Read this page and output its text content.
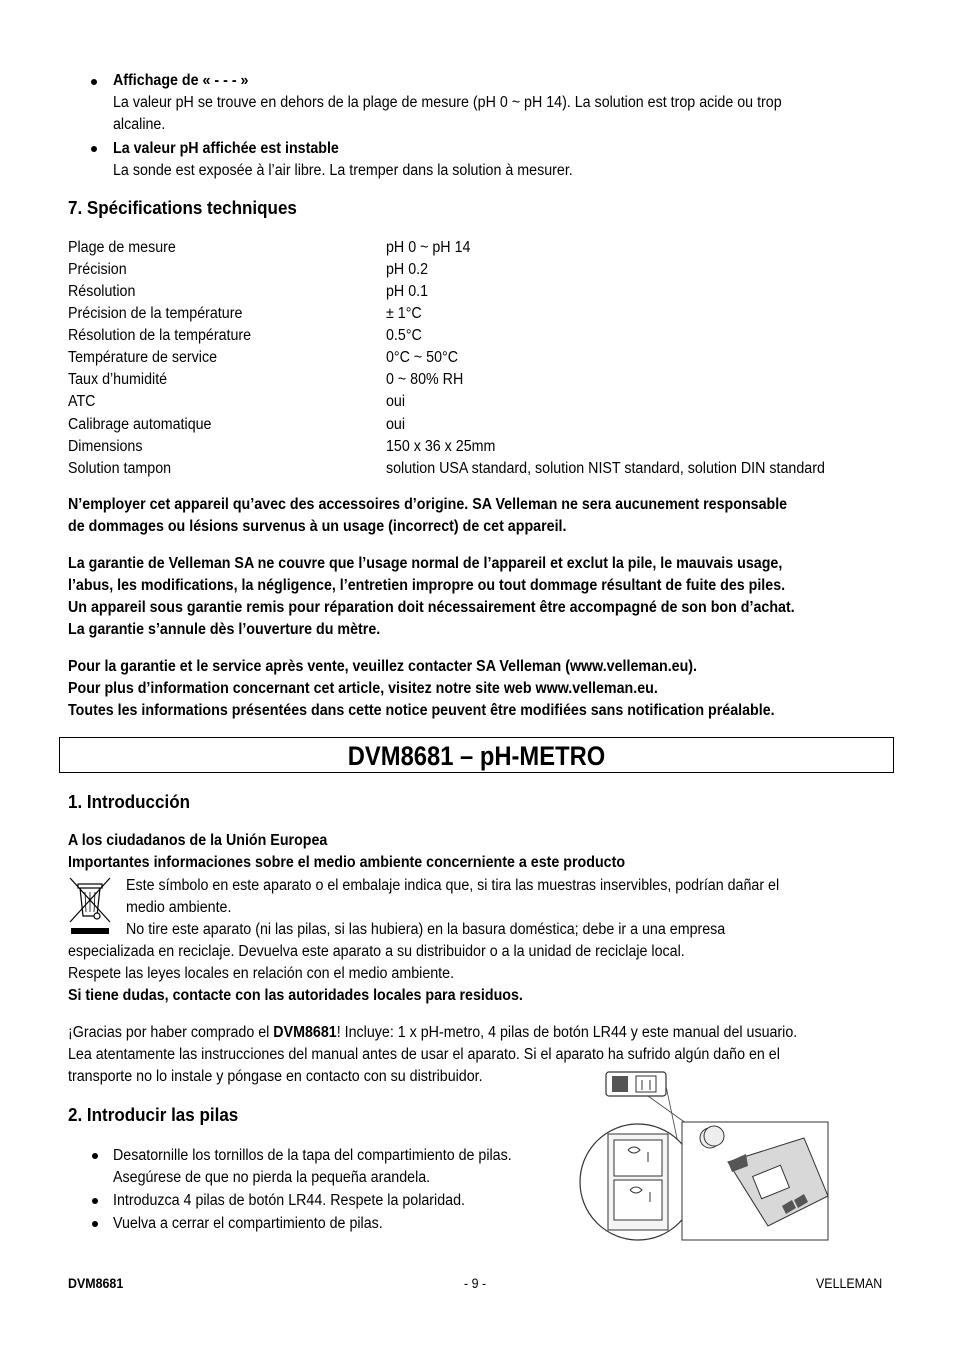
Affichage de « - - - »
La valeur pH se trouve en dehors de la plage de mesure (pH 0 ~ pH 14). La solution est trop acide ou trop
alcaline.
La valeur pH affichée est instable
La sonde est exposée à l’air libre. La tremper dans la solution à mesurer.
7. Spécifications techniques
Plage de mesure	pH 0 ~ pH 14
Précision	pH 0.2
Résolution	pH 0.1
Précision de la température	± 1°C
Résolution de la température	0.5°C
Température de service	0°C ~ 50°C
Taux d’humidité	0 ~ 80% RH
ATC	oui
Calibrage automatique	oui
Dimensions	150 x 36 x 25mm
Solution tampon	solution USA standard, solution NIST standard, solution DIN standard
N’employer cet appareil qu’avec des accessoires d’origine. SA Velleman ne sera aucunement responsable
de dommages ou lésions survenus à un usage (incorrect) de cet appareil.
La garantie de Velleman SA ne couvre que l’usage normal de l’appareil et exclut la pile, le mauvais usage,
l’abus, les modifications, la négligence, l’entretien impropre ou tout dommage résultant de fuite des piles.
Un appareil sous garantie remis pour réparation doit nécessairement être accompagné de son bon d’achat.
La garantie s’annule dès l’ouverture du mètre.
Pour la garantie et le service après vente, veuillez contacter SA Velleman (www.velleman.eu).
Pour plus d’information concernant cet article, visitez notre site web www.velleman.eu.
Toutes les informations présentées dans cette notice peuvent être modifiées sans notification préalable.
DVM8681 – pH-METRO
1. Introducción
A los ciudadanos de la Unión Europea
Importantes informaciones sobre el medio ambiente concerniente a este producto
Este símbolo en este aparato o el embalaje indica que, si tira las muestras inservibles, podrían dañar el
medio ambiente.
No tire este aparato (ni las pilas, si las hubiera) en la basura doméstica; debe ir a una empresa
especializada en reciclaje. Devuelva este aparato a su distribuidor o a la unidad de reciclaje local.
Respete las leyes locales en relación con el medio ambiente.
Si tiene dudas, contacte con las autoridades locales para residuos.
¡Gracias por haber comprado el DVM8681! Incluye: 1 x pH-metro, 4 pilas de botón LR44 y este manual del usuario.
Lea atentamente las instrucciones del manual antes de usar el aparato. Si el aparato ha sufrido algún daño en el
transporte no lo instale y póngase en contacto con su distribuidor.
2. Introducir las pilas
Desatornille los tornillos de la tapa del compartimiento de pilas.
Asegúrese de que no pierda la pequeña arandela.
Introduzca 4 pilas de botón LR44. Respete la polaridad.
Vuelva a cerrar el compartimiento de pilas.
DVM8681	- 9 -	VELLEMAN
